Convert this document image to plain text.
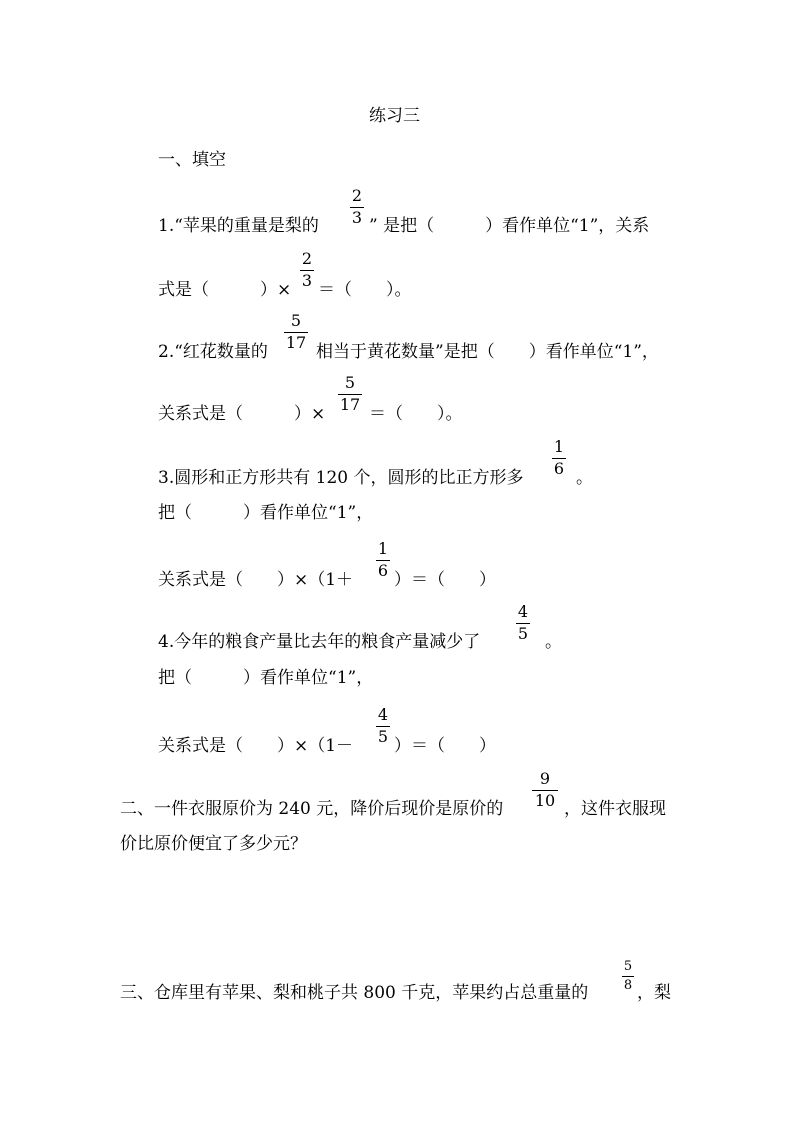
练习三
一、填空
1.“苹果的重量是梨的
2
3 ” 是把（　　　）看作单位“1”，关系
式是（　　　）×
2
3 ＝（　　）。
2.“红花数量的
5
17 相当于黄花数量”是把（　　）看作单位“1”，
关系式是（　　　）×
5
17 ＝（　　）。
3.圆形和正方形共有 120 个，圆形的比正方形多
1
6 。
把（　　　）看作单位“1”，
关系式是（　　）×（1＋
1
6 ）＝（　　）
4.今年的粮食产量比去年的粮食产量减少了
4
5 。
把（　　　）看作单位“1”，
关系式是（　　）×（1－
4
5 ）＝（　　）
二、一件衣服原价为 240 元，降价后现价是原价的
9
10 ，这件衣服现
价比原价便宜了多少元？
三、仓库里有苹果、梨和桃子共 800 千克，苹果约占总重量的
5
8 ，梨
